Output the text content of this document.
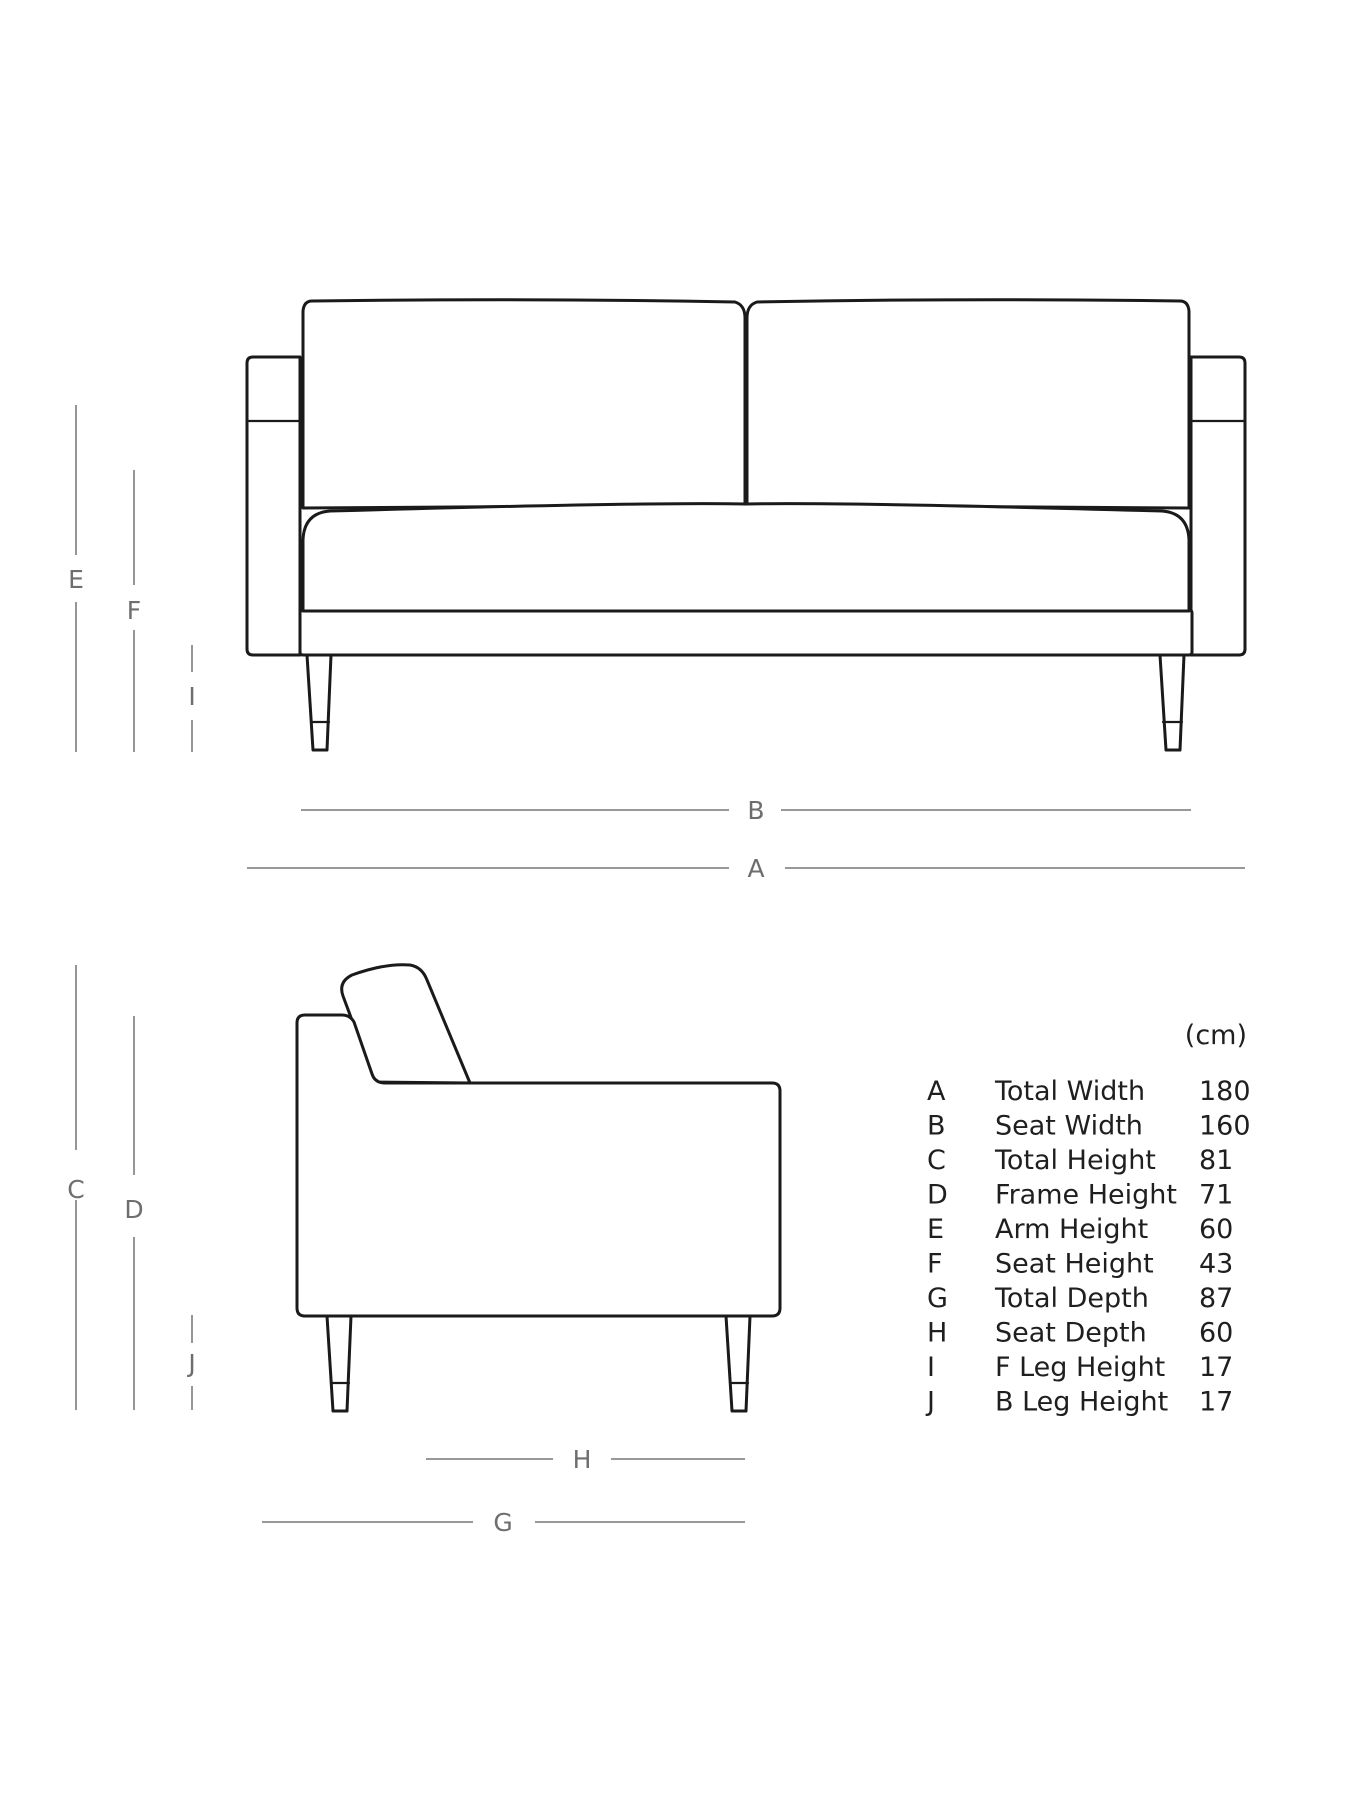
E
F
I
B
A
C
D
J
H
G
(cm)
A Total Width 180
B Seat Width 160
C Total Height 81
D Frame Height 71
E Arm Height 60
F Seat Height 43
G Total Depth 87
H Seat Depth 60
I F Leg Height 17
J B Leg Height 17
